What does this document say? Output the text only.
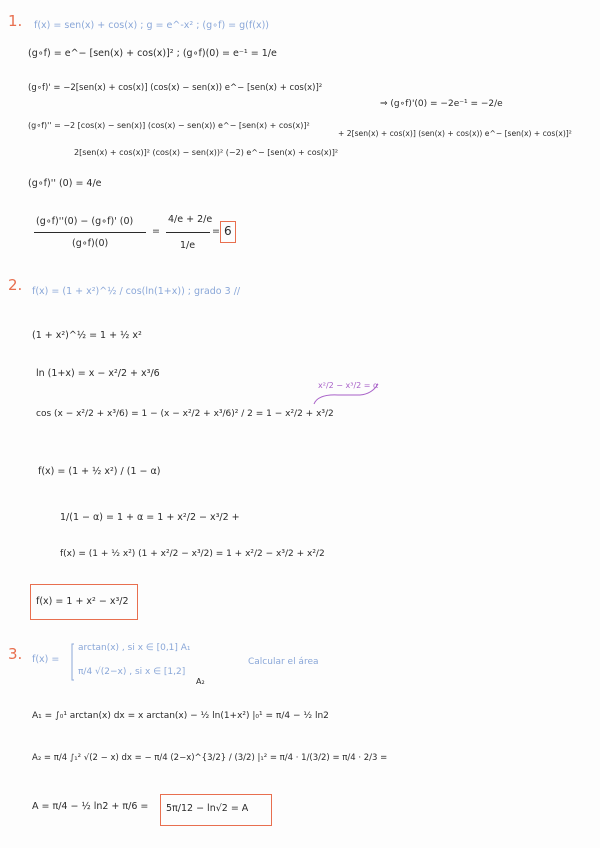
1. f(x) = sen(x) + cos(x) ; g = e^-x² ; (g∘f) = g(f(x))
(g∘f) = e^− [sen(x) + cos(x)]² ; (g∘f)(0) = e⁻¹ = 1/e
(g∘f)' = −2[sen(x) + cos(x)] (cos(x) − sen(x)) e^− [sen(x) + cos(x)]²
⇒ (g∘f)'(0) = −2e⁻¹ = −2/e
(g∘f)'' = −2 [cos(x) − sen(x)] (cos(x) − sen(x)) e^− [sen(x) + cos(x)]²
+ 2[sen(x) + cos(x)] (sen(x) + cos(x)) e^− [sen(x) + cos(x)]²
2[sen(x) + cos(x)]² (cos(x) − sen(x))² (−2) e^− [sen(x) + cos(x)]²
(g∘f)'' (0) = 4/e
(g∘f)''(0) − (g∘f)' (0)
(g∘f)(0)
=
4/e + 2/e
1/e
= 6
2. f(x) = (1 + x²)^½ / cos(ln(1+x)) ; grado 3 //
(1 + x²)^½ = 1 + ½ x²
ln (1+x) = x − x²/2 + x³/6
x²/2 − x³/2 = α
cos (x − x²/2 + x³/6) = 1 − (x − x²/2 + x³/6)² / 2 = 1 − x²/2 + x³/2
f(x) = (1 + ½ x²) / (1 − α)
1/(1 − α) = 1 + α = 1 + x²/2 − x³/2 +
f(x) = (1 + ½ x²) (1 + x²/2 − x³/2) = 1 + x²/2 − x³/2 + x²/2
f(x) = 1 + x² − x³/2
3. f(x) =
arctan(x) , si x ∈ [0,1] A₁
π/4 √(2−x) , si x ∈ [1,2]
Calcular el área
A₂
A₁ = ∫₀¹ arctan(x) dx = x arctan(x) − ½ ln(1+x²) |₀¹ = π/4 − ½ ln2
A₂ = π/4 ∫₁² √(2 − x) dx = − π/4 (2−x)^{3/2} / (3/2) |₁² = π/4 · 1/(3/2) = π/4 · 2/3 =
A = π/4 − ½ ln2 + π/6 = 5π/12 − ln√2 = A
